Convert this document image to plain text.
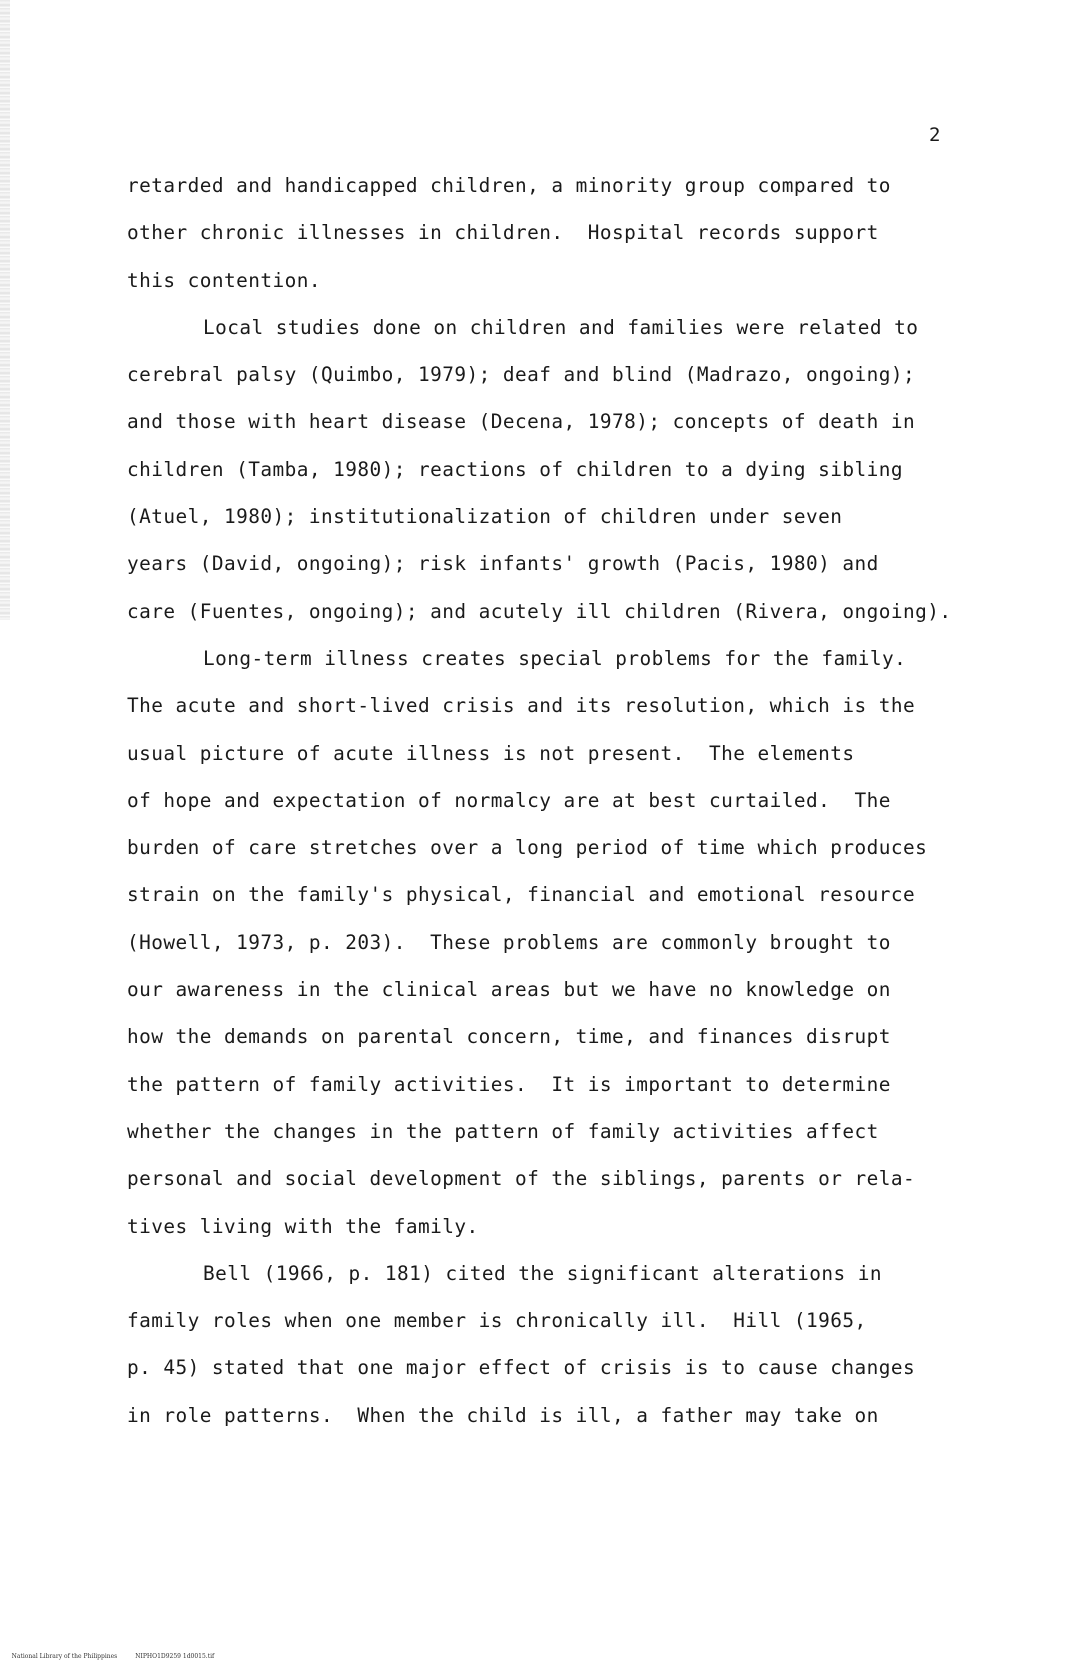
2
retarded and handicapped children, a minority group compared to
other chronic illnesses in children.  Hospital records support
this contention.
Local studies done on children and families were related to
cerebral palsy (Quimbo, 1979); deaf and blind (Madrazo, ongoing);
and those with heart disease (Decena, 1978); concepts of death in
children (Tamba, 1980); reactions of children to a dying sibling
(Atuel, 1980); institutionalization of children under seven
years (David, ongoing); risk infants' growth (Pacis, 1980) and
care (Fuentes, ongoing); and acutely ill children (Rivera, ongoing).
Long-term illness creates special problems for the family.
The acute and short-lived crisis and its resolution, which is the
usual picture of acute illness is not present.  The elements
of hope and expectation of normalcy are at best curtailed.  The
burden of care stretches over a long period of time which produces
strain on the family's physical, financial and emotional resource
(Howell, 1973, p. 203).  These problems are commonly brought to
our awareness in the clinical areas but we have no knowledge on
how the demands on parental concern, time, and finances disrupt
the pattern of family activities.  It is important to determine
whether the changes in the pattern of family activities affect
personal and social development of the siblings, parents or rela-
tives living with the family.
Bell (1966, p. 181) cited the significant alterations in
family roles when one member is chronically ill.  Hill (1965,
p. 45) stated that one major effect of crisis is to cause changes
in role patterns.  When the child is ill, a father may take on

National Library of the Philippines	NIPHO1D9259 1d0015.tif
